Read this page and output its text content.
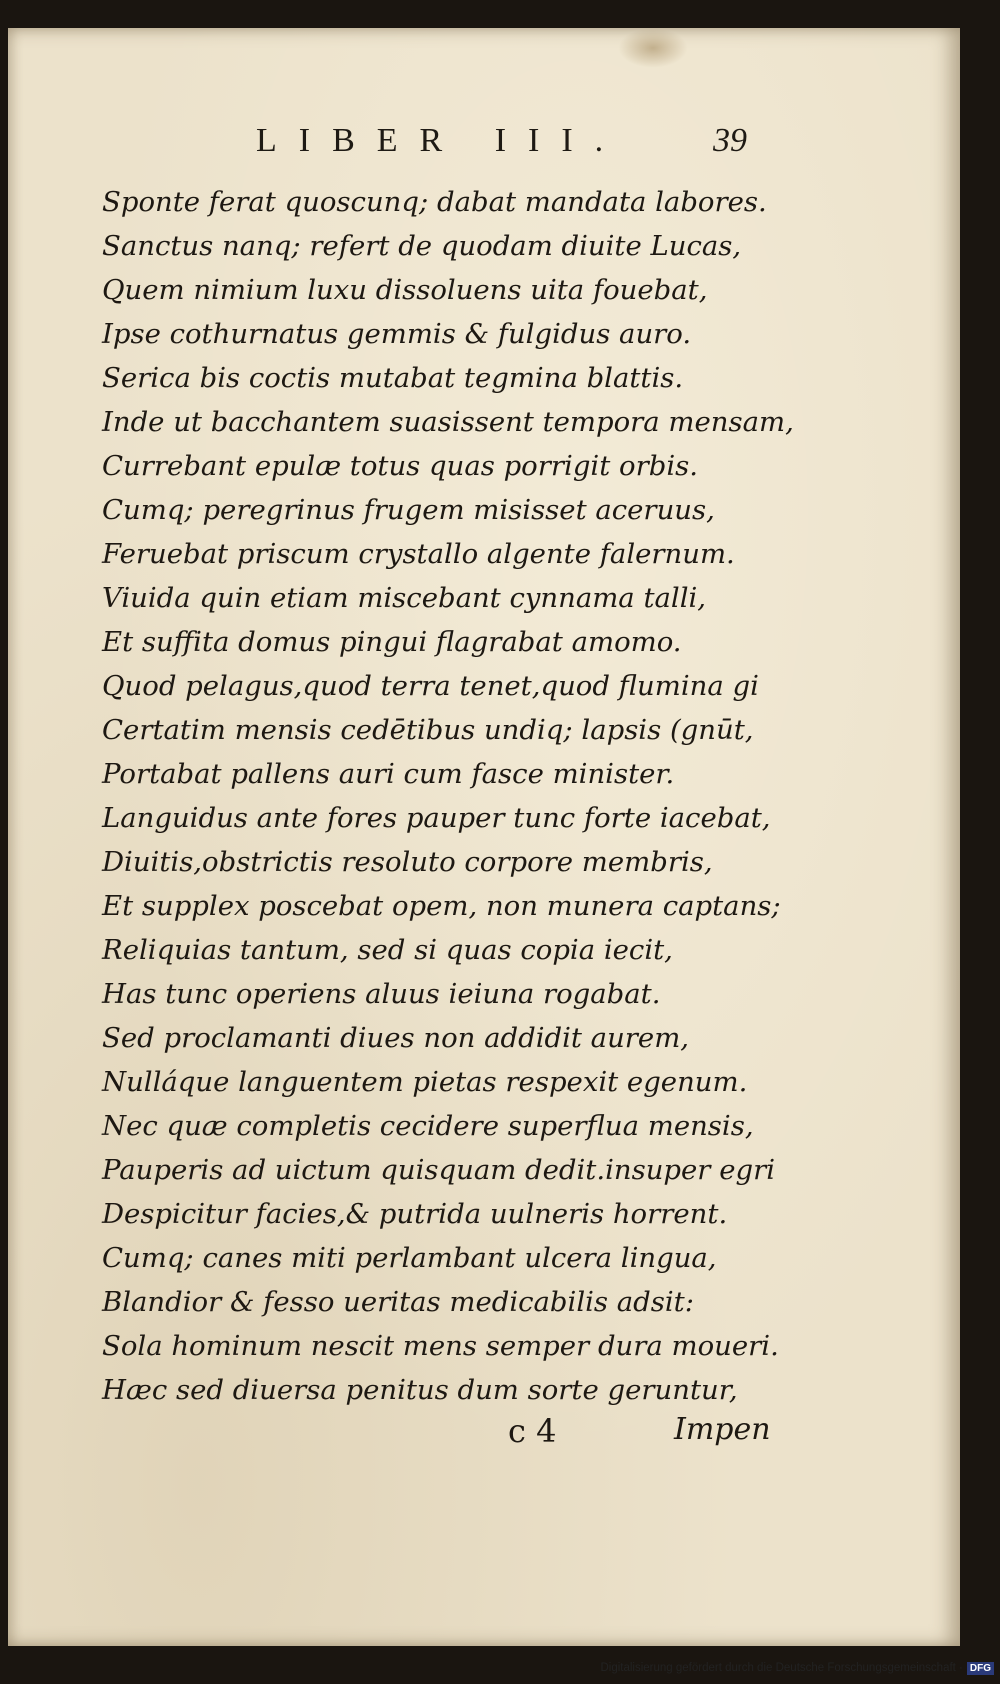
LIBER III.	39
Sponte ferat quoscunq; dabat mandata labores.
Sanctus nanq; refert de quodam diuite Lucas,
Quem nimium luxu dissoluens uita fouebat,
Ipse cothurnatus gemmis & fulgidus auro.
Serica bis coctis mutabat tegmina blattis.
Inde ut bacchantem suasissent tempora mensam,
Currebant epulæ totus quas porrigit orbis.
Cumq; peregrinus frugem misisset aceruus,
Feruebat priscum crystallo algente falernum.
Viuida quin etiam miscebant cynnama talli,
Et suffita domus pingui flagrabat amomo.
Quod pelagus,quod terra tenet,quod flumina gi
Certatim mensis cedētibus undiq; lapsis (gnūt,
Portabat pallens auri cum fasce minister.
Languidus ante fores pauper tunc forte iacebat,
Diuitis,obstrictis resoluto corpore membris,
Et supplex poscebat opem, non munera captans;
Reliquias tantum, sed si quas copia iecit,
Has tunc operiens aluus ieiuna rogabat.
Sed proclamanti diues non addidit aurem,
Nulláque languentem pietas respexit egenum.
Nec quæ completis cecidere superflua mensis,
Pauperis ad uictum quisquam dedit.insuper egri
Despicitur facies,& putrida uulneris horrent.
Cumq; canes miti perlambant ulcera lingua,
Blandior & fesso ueritas medicabilis adsit:
Sola hominum nescit mens semper dura moueri.
Hæc sed diuersa penitus dum sorte geruntur,
c 4	Impen
Digitalisierung gefördert durch die Deutsche Forschungsgemeinschaft · DFG
